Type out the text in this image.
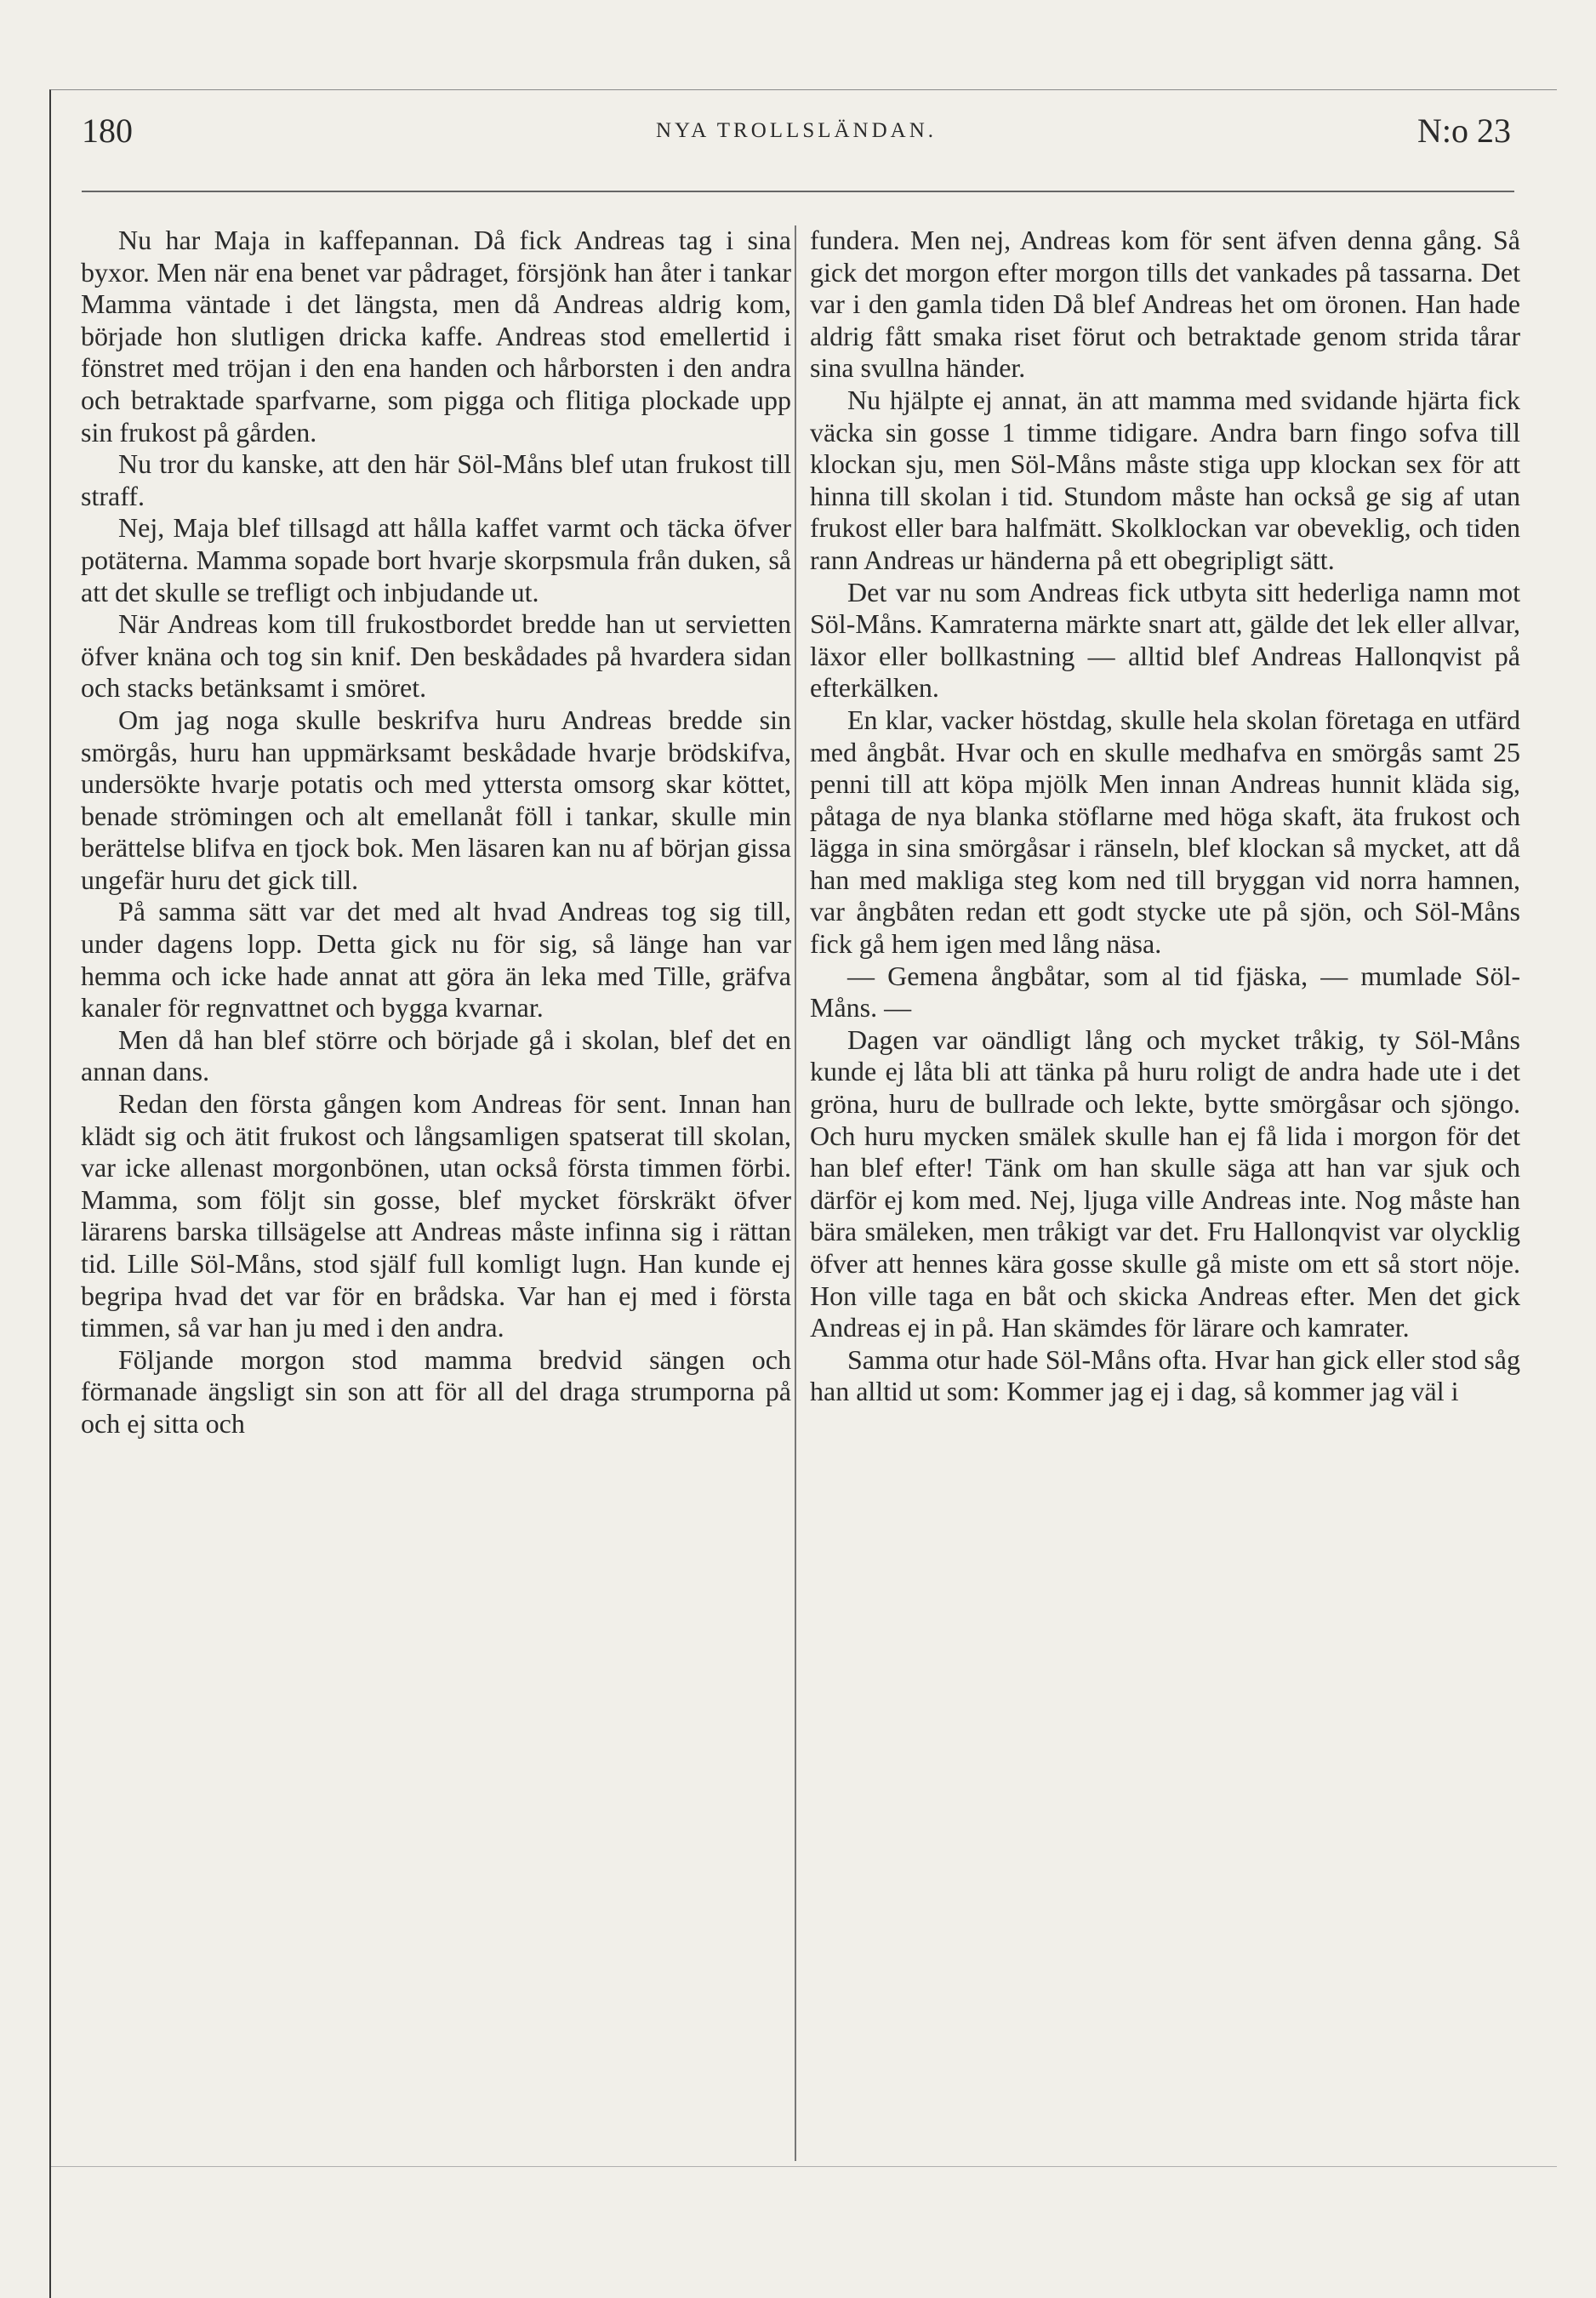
180	NYA TROLLSLÄNDAN.	N:o 23

Nu har Maja in kaffepannan. Då fick Andreas tag i sina byxor. Men när ena benet var pådraget, försjönk han åter i tankar Mamma väntade i det längsta, men då Andreas aldrig kom, började hon slutligen dricka kaffe. Andreas stod emellertid i fönstret med tröjan i den ena handen och hårborsten i den andra och betraktade sparfvarne, som pigga och flitiga plockade upp sin frukost på gården.

Nu tror du kanske, att den här Söl-Måns blef utan frukost till straff.

Nej, Maja blef tillsagd att hålla kaffet varmt och täcka öfver potäterna. Mamma sopade bort hvarje skorpsmula från duken, så att det skulle se trefligt och inbjudande ut.

När Andreas kom till frukostbordet bredde han ut servietten öfver knäna och tog sin knif. Den beskådades på hvardera sidan och stacks betänksamt i smöret.

Om jag noga skulle beskrifva huru Andreas bredde sin smörgås, huru han uppmärksamt beskådade hvarje brödskifva, undersökte hvarje potatis och med yttersta omsorg skar köttet, benade strömingen och alt emellanåt föll i tankar, skulle min berättelse blifva en tjock bok. Men läsaren kan nu af början gissa ungefär huru det gick till.

På samma sätt var det med alt hvad Andreas tog sig till, under dagens lopp. Detta gick nu för sig, så länge han var hemma och icke hade annat att göra än leka med Tille, gräfva kanaler för regnvattnet och bygga kvarnar.

Men då han blef större och började gå i skolan, blef det en annan dans.

Redan den första gången kom Andreas för sent. Innan han klädt sig och ätit frukost och långsamligen spatserat till skolan, var icke allenast morgonbönen, utan också första timmen förbi. Mamma, som följt sin gosse, blef mycket förskräkt öfver lärarens barska tillsägelse att Andreas måste infinna sig i rättan tid. Lille Söl-Måns, stod själf full komligt lugn. Han kunde ej begripa hvad det var för en brådska. Var han ej med i första timmen, så var han ju med i den andra.

Följande morgon stod mamma bredvid sängen och förmanade ängsligt sin son att för all del draga strumporna på och ej sitta och

fundera. Men nej, Andreas kom för sent äfven denna gång. Så gick det morgon efter morgon tills det vankades på tassarna. Det var i den gamla tiden Då blef Andreas het om öronen. Han hade aldrig fått smaka riset förut och betraktade genom strida tårar sina svullna händer.

Nu hjälpte ej annat, än att mamma med svidande hjärta fick väcka sin gosse 1 timme tidigare. Andra barn fingo sofva till klockan sju, men Söl-Måns måste stiga upp klockan sex för att hinna till skolan i tid. Stundom måste han också ge sig af utan frukost eller bara halfmätt. Skolklockan var obeveklig, och tiden rann Andreas ur händerna på ett obegripligt sätt.

Det var nu som Andreas fick utbyta sitt hederliga namn mot Söl-Måns. Kamraterna märkte snart att, gälde det lek eller allvar, läxor eller bollkastning — alltid blef Andreas Hallonqvist på efterkälken.

En klar, vacker höstdag, skulle hela skolan företaga en utfärd med ångbåt. Hvar och en skulle medhafva en smörgås samt 25 penni till att köpa mjölk Men innan Andreas hunnit kläda sig, påtaga de nya blanka stöflarne med höga skaft, äta frukost och lägga in sina smörgåsar i ränseln, blef klockan så mycket, att då han med makliga steg kom ned till bryggan vid norra hamnen, var ångbåten redan ett godt stycke ute på sjön, och Söl-Måns fick gå hem igen med lång näsa.

— Gemena ångbåtar, som al tid fjäska, — mumlade Söl-Måns. —

Dagen var oändligt lång och mycket tråkig, ty Söl-Måns kunde ej låta bli att tänka på huru roligt de andra hade ute i det gröna, huru de bullrade och lekte, bytte smörgåsar och sjöngo. Och huru mycken smälek skulle han ej få lida i morgon för det han blef efter! Tänk om han skulle säga att han var sjuk och därför ej kom med. Nej, ljuga ville Andreas inte. Nog måste han bära smäleken, men tråkigt var det. Fru Hallonqvist var olycklig öfver att hennes kära gosse skulle gå miste om ett så stort nöje. Hon ville taga en båt och skicka Andreas efter. Men det gick Andreas ej in på. Han skämdes för lärare och kamrater.

Samma otur hade Söl-Måns ofta. Hvar han gick eller stod såg han alltid ut som: Kommer jag ej i dag, så kommer jag väl i
